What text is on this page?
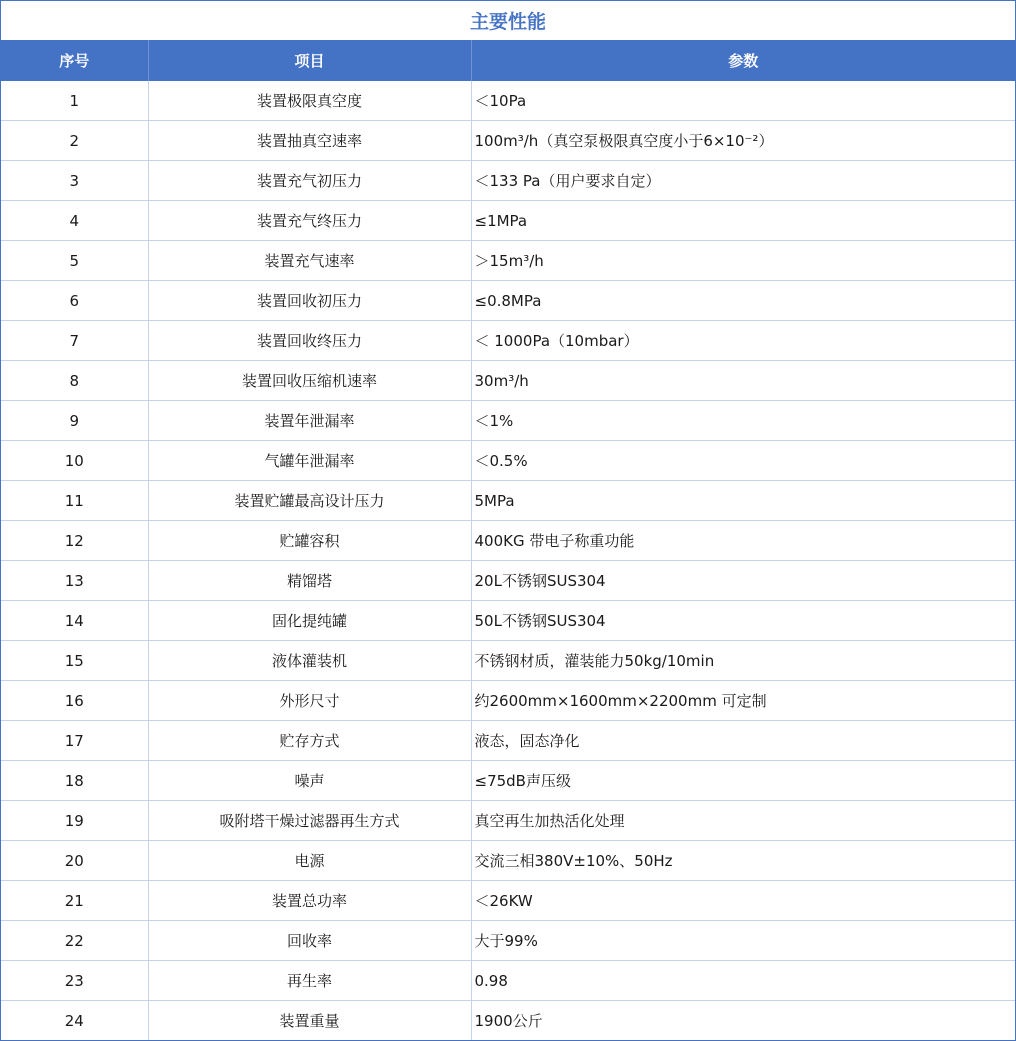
主要性能
序号	项目	参数
1	装置极限真空度	＜10Pa
2	装置抽真空速率	100m³/h（真空泵极限真空度小于6×10⁻²）
3	装置充气初压力	＜133 Pa（用户要求自定）
4	装置充气终压力	≤1MPa
5	装置充气速率	＞15m³/h
6	装置回收初压力	≤0.8MPa
7	装置回收终压力	＜ 1000Pa（10mbar）
8	装置回收压缩机速率	30m³/h
9	装置年泄漏率	＜1%
10	气罐年泄漏率	＜0.5%
11	装置贮罐最高设计压力	5MPa
12	贮罐容积	400KG 带电子称重功能
13	精馏塔	20L不锈钢SUS304
14	固化提纯罐	50L不锈钢SUS304
15	液体灌装机	不锈钢材质，灌装能力50kg/10min
16	外形尺寸	约2600mm×1600mm×2200mm 可定制
17	贮存方式	液态，固态净化
18	噪声	≤75dB声压级
19	吸附塔干燥过滤器再生方式	真空再生加热活化处理
20	电源	交流三相380V±10%、50Hz
21	装置总功率	＜26KW
22	回收率	大于99%
23	再生率	0.98
24	装置重量	1900公斤
